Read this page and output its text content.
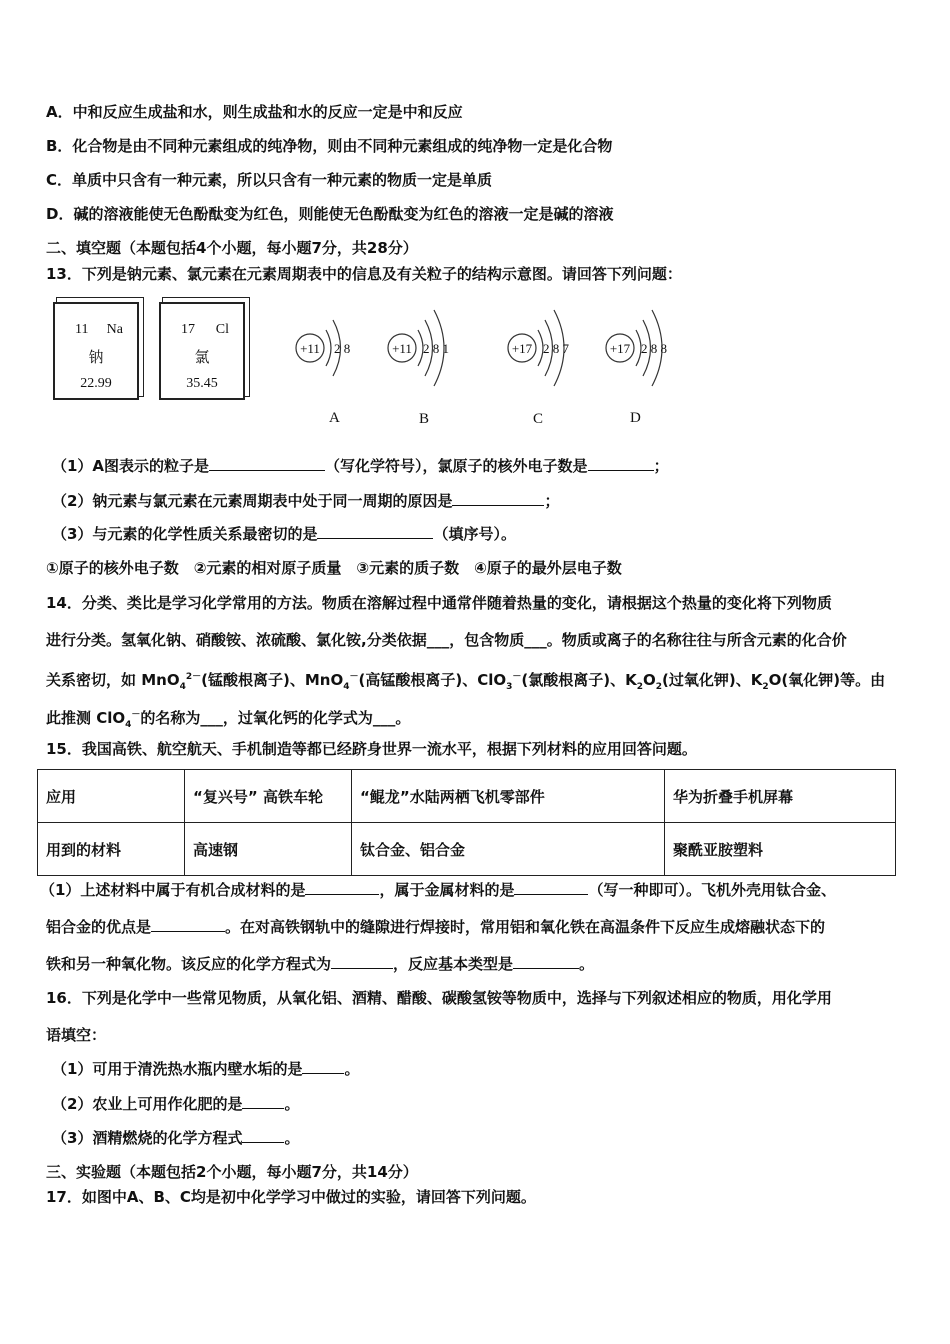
A．中和反应生成盐和水，则生成盐和水的反应一定是中和反应
B．化合物是由不同种元素组成的纯净物，则由不同种元素组成的纯净物一定是化合物
C．单质中只含有一种元素，所以只含有一种元素的物质一定是单质
D．碱的溶液能使无色酚酞变为红色，则能使无色酚酞变为红色的溶液一定是碱的溶液
二、填空题（本题包括4个小题，每小题7分，共28分）
13．下列是钠元素、氯元素在元素周期表中的信息及有关粒子的结构示意图。请回答下列问题：
11 Na
钠
22.99
17 Cl
氯
35.45
+11 2 8	+11 2 8 1	+17 2 8 7	+17 2 8 8
A	B	C	D
（1）A图表示的粒子是	（写化学符号），氯原子的核外电子数是	；
（2）钠元素与氯元素在元素周期表中处于同一周期的原因是	；
（3）与元素的化学性质关系最密切的是	（填序号）。
①原子的核外电子数　②元素的相对原子质量　③元素的质子数　④原子的最外层电子数
14．分类、类比是学习化学常用的方法。物质在溶解过程中通常伴随着热量的变化，请根据这个热量的变化将下列物质
进行分类。氢氧化钠、硝酸铵、浓硫酸、氯化铵,分类依据___，包含物质___。物质或离子的名称往往与所含元素的化合价
关系密切，如 MnO$_4^{2-}$(锰酸根离子)、MnO$_4$－(高锰酸根离子)、ClO$_3$－(氯酸根离子)、$K_2O_2$(过氧化钾)、$K_2O$(氧化钾)等。由
此推测 ClO$_4$－的名称为___，过氧化钙的化学式为___。
15．我国高铁、航空航天、手机制造等都已经跻身世界一流水平，根据下列材料的应用回答问题。
应用	“复兴号” 高铁车轮	“鲲龙”水陆两栖飞机零部件	华为折叠手机屏幕
用到的材料	高速钢	钛合金、铝合金	聚酰亚胺塑料
（1）上述材料中属于有机合成材料的是	，属于金属材料的是	（写一种即可）。飞机外壳用钛合金、
铝合金的优点是	。在对高铁钢轨中的缝隙进行焊接时，常用铝和氧化铁在高温条件下反应生成熔融状态下的
铁和另一种氧化物。该反应的化学方程式为	，反应基本类型是	。
16．下列是化学中一些常见物质，从氧化铝、酒精、醋酸、碳酸氢铵等物质中，选择与下列叙述相应的物质，用化学用
语填空：
（1）可用于清洗热水瓶内壁水垢的是	。
（2）农业上可用作化肥的是	。
（3）酒精燃烧的化学方程式	。
三、实验题（本题包括2个小题，每小题7分，共14分）
17．如图中A、B、C均是初中化学学习中做过的实验，请回答下列问题。
